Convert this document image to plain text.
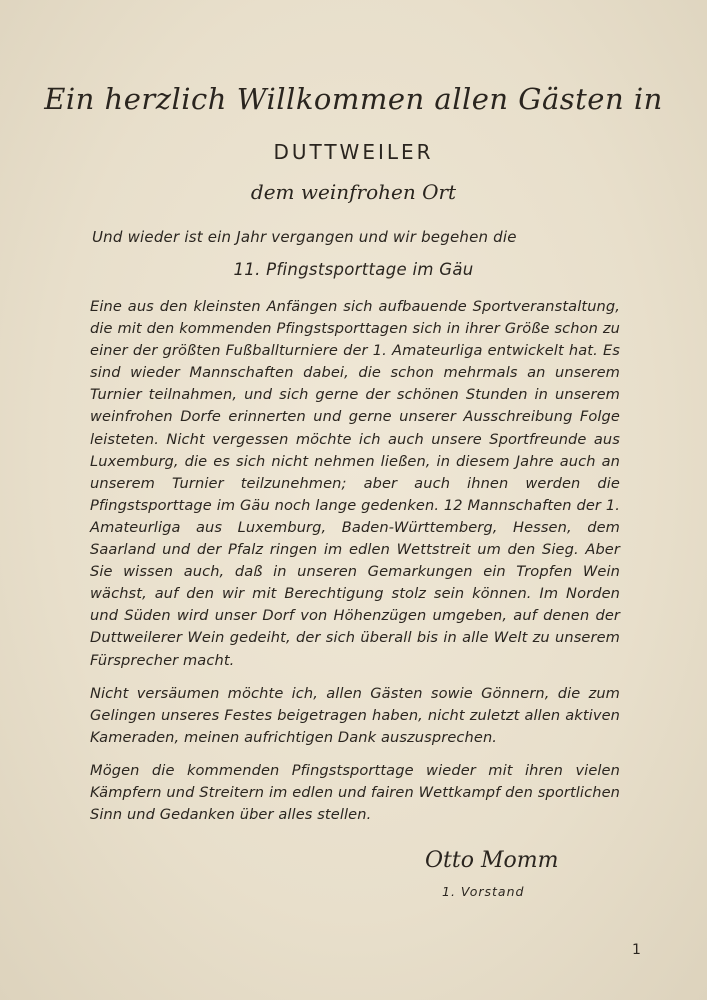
Ein herzlich Willkommen allen Gästen in
DUTTWEILER
dem weinfrohen Ort
Und wieder ist ein Jahr vergangen und wir begehen die
11. Pfingstsporttage im Gäu
Eine aus den kleinsten Anfängen sich aufbauende Sportveranstaltung, die mit den kommenden Pfingstsporttagen sich in ihrer Größe schon zu einer der größten Fußballturniere der 1. Amateurliga entwickelt hat. Es sind wieder Mannschaften dabei, die schon mehrmals an unserem Turnier teilnahmen, und sich gerne der schönen Stunden in unserem weinfrohen Dorfe erinnerten und gerne unserer Ausschreibung Folge leisteten. Nicht vergessen möchte ich auch unsere Sportfreunde aus Luxemburg, die es sich nicht nehmen ließen, in diesem Jahre auch an unserem Turnier teilzunehmen; aber auch ihnen werden die Pfingstsporttage im Gäu noch lange gedenken. 12 Mannschaften der 1. Amateurliga aus Luxemburg, Baden-Württemberg, Hessen, dem Saarland und der Pfalz ringen im edlen Wettstreit um den Sieg. Aber Sie wissen auch, daß in unseren Gemarkungen ein Tropfen Wein wächst, auf den wir mit Berechtigung stolz sein können. Im Norden und Süden wird unser Dorf von Höhenzügen umgeben, auf denen der Duttweilerer Wein gedeiht, der sich überall bis in alle Welt zu unserem Fürsprecher macht.
Nicht versäumen möchte ich, allen Gästen sowie Gönnern, die zum Gelingen unseres Festes beigetragen haben, nicht zuletzt allen aktiven Kameraden, meinen aufrichtigen Dank auszusprechen.
Mögen die kommenden Pfingstsporttage wieder mit ihren vielen Kämpfern und Streitern im edlen und fairen Wettkampf den sportlichen Sinn und Gedanken über alles stellen.
Otto Momm
1. Vorstand
1
